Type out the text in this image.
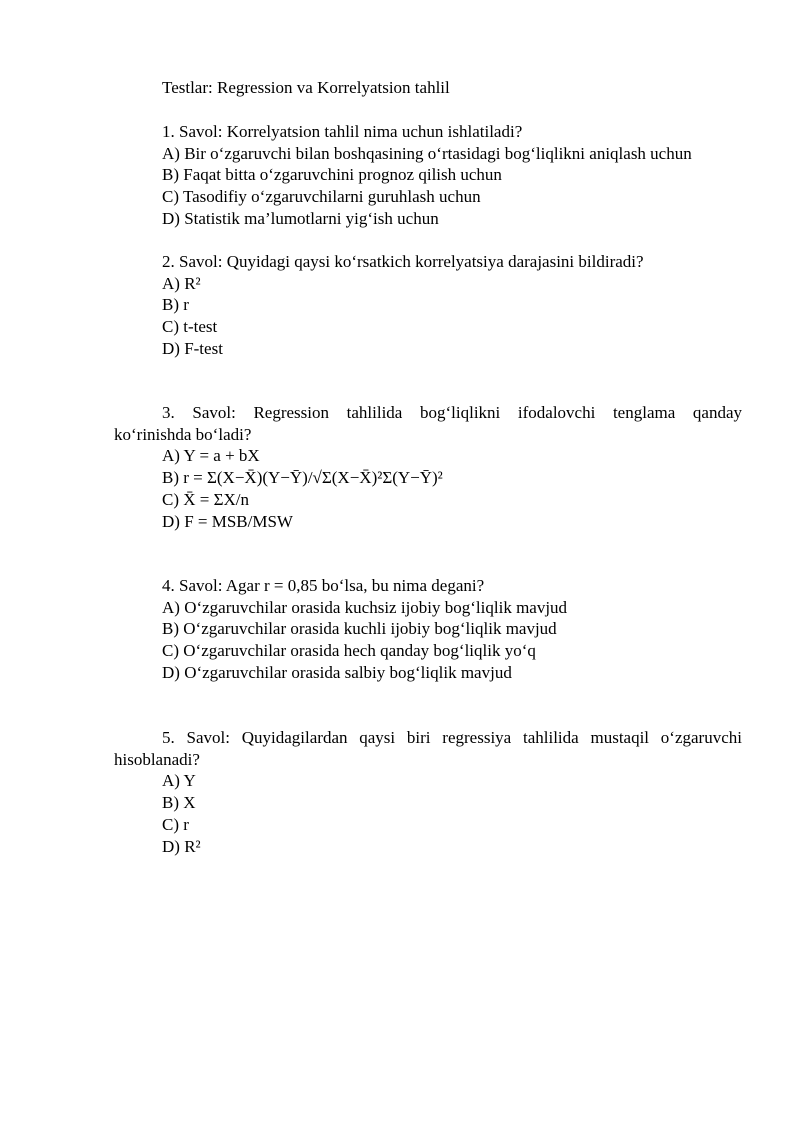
Testlar: Regression va Korrelyatsion tahlil
1. Savol: Korrelyatsion tahlil nima uchun ishlatiladi?
A) Bir o‘zgaruvchi bilan boshqasining o‘rtasidagi bog‘liqlikni aniqlash uchun
B) Faqat bitta o‘zgaruvchini prognoz qilish uchun
C) Tasodifiy o‘zgaruvchilarni guruhlash uchun
D) Statistik ma’lumotlarni yig‘ish uchun
2. Savol: Quyidagi qaysi ko‘rsatkich korrelyatsiya darajasini bildiradi?
A) R²
B) r
C) t-test
D) F-test
3. Savol: Regression tahlilida bog‘liqlikni ifodalovchi tenglama qanday
ko‘rinishda bo‘ladi?
A) Y = a + bX
B) r = Σ(X−X̄)(Y−Ȳ)/√Σ(X−X̄)²Σ(Y−Ȳ)²
C) X̄ = ΣX/n
D) F = MSB/MSW
4. Savol: Agar r = 0,85 bo‘lsa, bu nima degani?
A) O‘zgaruvchilar orasida kuchsiz ijobiy bog‘liqlik mavjud
B) O‘zgaruvchilar orasida kuchli ijobiy bog‘liqlik mavjud
C) O‘zgaruvchilar orasida hech qanday bog‘liqlik yo‘q
D) O‘zgaruvchilar orasida salbiy bog‘liqlik mavjud
5. Savol: Quyidagilardan qaysi biri regressiya tahlilida mustaqil o‘zgaruvchi
hisoblanadi?
A) Y
B) X
C) r
D) R²
